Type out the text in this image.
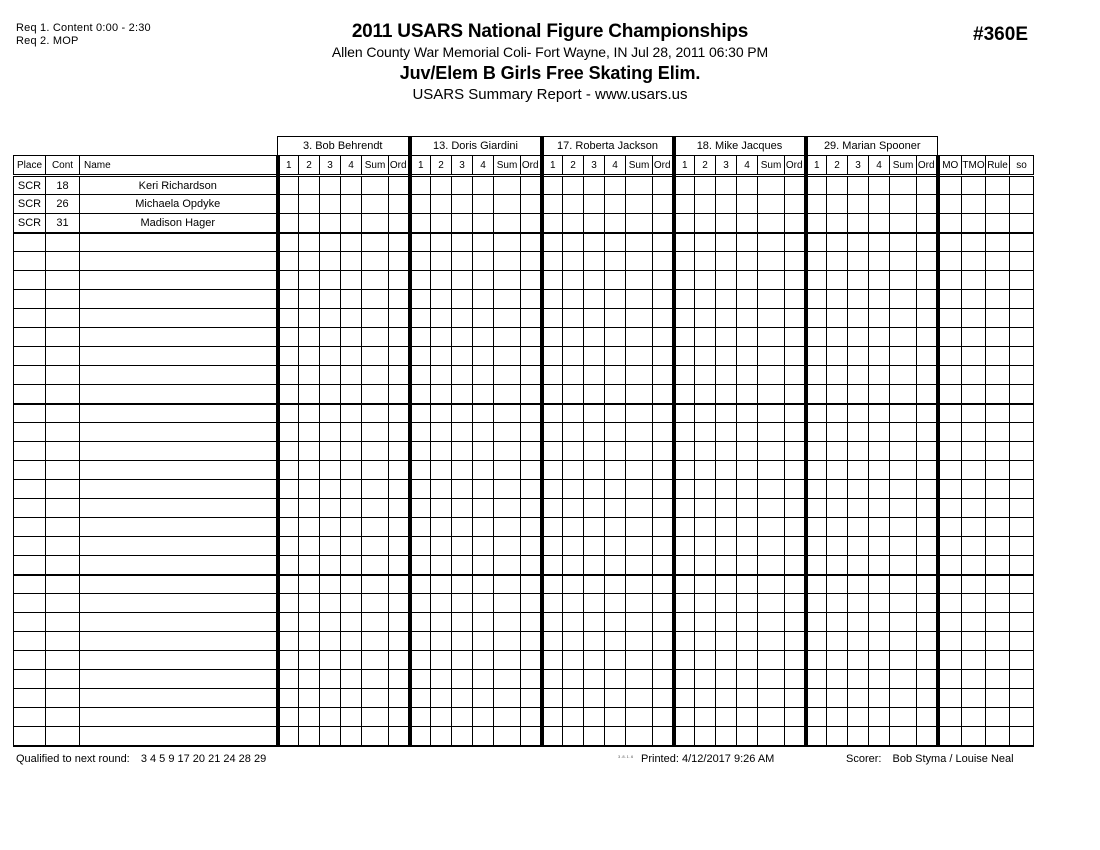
Req 1. Content 0:00 - 2:30
Req 2. MOP	2011 USARS National Figure Championships
Allen County War Memorial Coli- Fort Wayne, IN Jul 28, 2011 06:30 PM
Juv/Elem B Girls Free Skating Elim.
USARS Summary Report - www.usars.us
#360E
			3. Bob Behrendt						13. Doris Giardini						17. Roberta Jackson						18. Mike Jacques						29. Marian Spooner									
Place	Cont	Name	1	2	3	4	Sum	Ord	1	2	3	4	Sum	Ord	1	2	3	4	Sum	Ord	1	2	3	4	Sum	Ord	1	2	3	4	Sum	Ord	MO	TMO	Rule	so
SCR	18	Keri Richardson																																		
SCR	26	Michaela Opdyke																																		
SCR	31	Madison Hager																																		

Qualified to next round: 3 4 5 9 17 20 21 24 28 29	3.8.1.6 Printed: 4/12/2017 9:26 AM	Scorer: Bob Styma / Louise Neal
